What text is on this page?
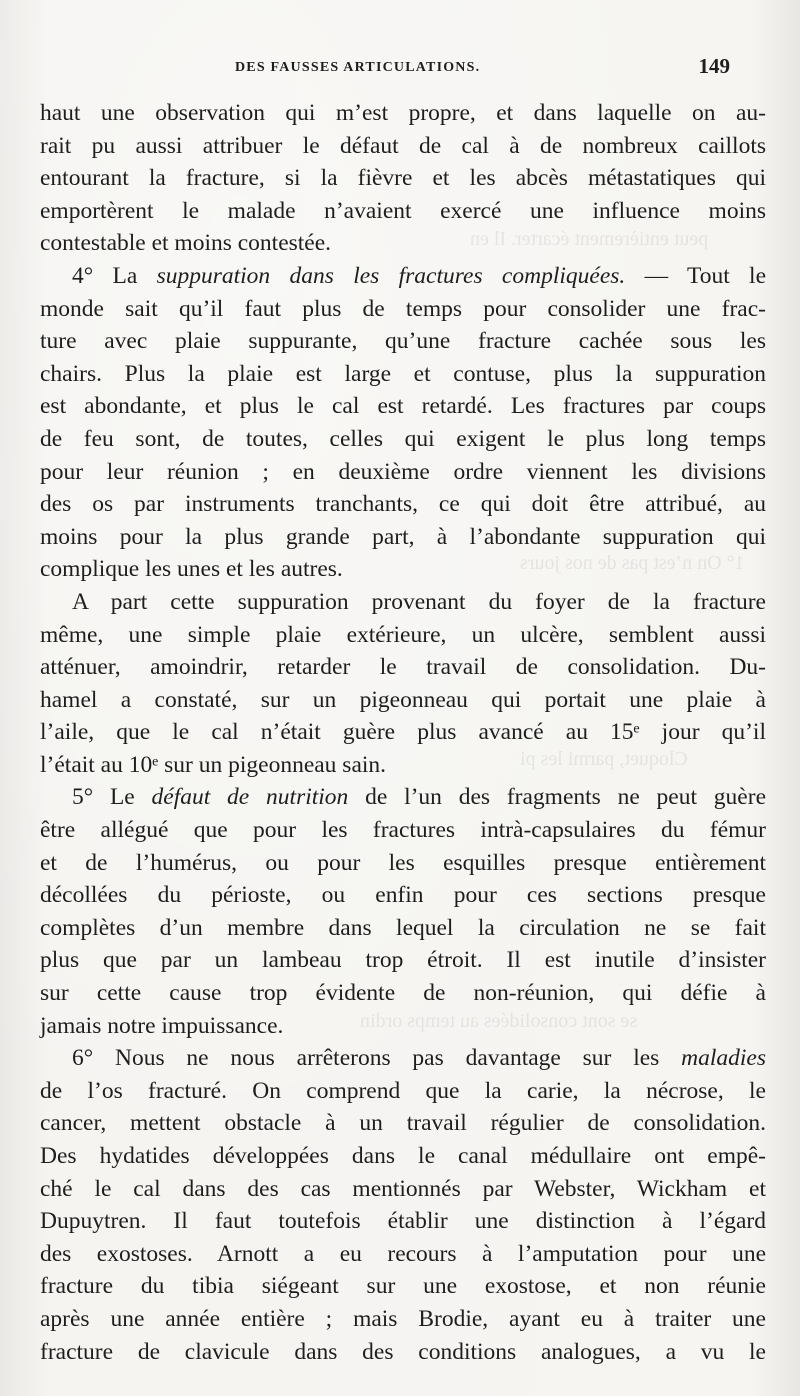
peut entièrement écarter. Il en
1° On n’est pas de nos jours
Cloquet, parmi les pi
se sont consolidées au temps ordin
DES FAUSSES ARTICULATIONS.	149
haut une observation qui m’est propre, et dans laquelle on au-
rait pu aussi attribuer le défaut de cal à de nombreux caillots
entourant la fracture, si la fièvre et les abcès métastatiques qui
emportèrent le malade n’avaient exercé une influence moins
contestable et moins contestée.
4° La suppuration dans les fractures compliquées. — Tout le
monde sait qu’il faut plus de temps pour consolider une frac-
ture avec plaie suppurante, qu’une fracture cachée sous les
chairs. Plus la plaie est large et contuse, plus la suppuration
est abondante, et plus le cal est retardé. Les fractures par coups
de feu sont, de toutes, celles qui exigent le plus long temps
pour leur réunion ; en deuxième ordre viennent les divisions
des os par instruments tranchants, ce qui doit être attribué, au
moins pour la plus grande part, à l’abondante suppuration qui
complique les unes et les autres.
A part cette suppuration provenant du foyer de la fracture
même, une simple plaie extérieure, un ulcère, semblent aussi
atténuer, amoindrir, retarder le travail de consolidation. Du-
hamel a constaté, sur un pigeonneau qui portait une plaie à
l’aile, que le cal n’était guère plus avancé au 15ᵉ jour qu’il
l’était au 10ᵉ sur un pigeonneau sain.
5° Le défaut de nutrition de l’un des fragments ne peut guère
être allégué que pour les fractures intrà-capsulaires du fémur
et de l’humérus, ou pour les esquilles presque entièrement
décollées du périoste, ou enfin pour ces sections presque
complètes d’un membre dans lequel la circulation ne se fait
plus que par un lambeau trop étroit. Il est inutile d’insister
sur cette cause trop évidente de non-réunion, qui défie à
jamais notre impuissance.
6° Nous ne nous arrêterons pas davantage sur les maladies
de l’os fracturé. On comprend que la carie, la nécrose, le
cancer, mettent obstacle à un travail régulier de consolidation.
Des hydatides développées dans le canal médullaire ont empê-
ché le cal dans des cas mentionnés par Webster, Wickham et
Dupuytren. Il faut toutefois établir une distinction à l’égard
des exostoses. Arnott a eu recours à l’amputation pour une
fracture du tibia siégeant sur une exostose, et non réunie
après une année entière ; mais Brodie, ayant eu à traiter une
fracture de clavicule dans des conditions analogues, a vu le
